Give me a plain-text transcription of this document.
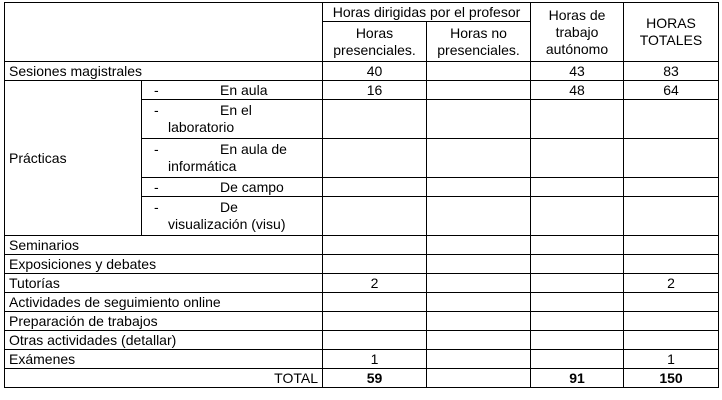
		Horas dirigidas por el profesor		Horas de trabajo autónomo	HORAS TOTALES
		Horas presenciales.	Horas no presenciales.		
Sesiones magistrales		40		43	83
Prácticas	- En aula	16		48	64

	- En el
laboratorio				

	- En aula de
informática				

	- De campo				

	- De
visualización (visu)				

Seminarios					
Exposiciones y debates					
Tutorías		2			2
Actividades de seguimiento online					
Preparación de trabajos					
Otras actividades (detallar)					
Exámenes		1			1
TOTAL		59		91	150
